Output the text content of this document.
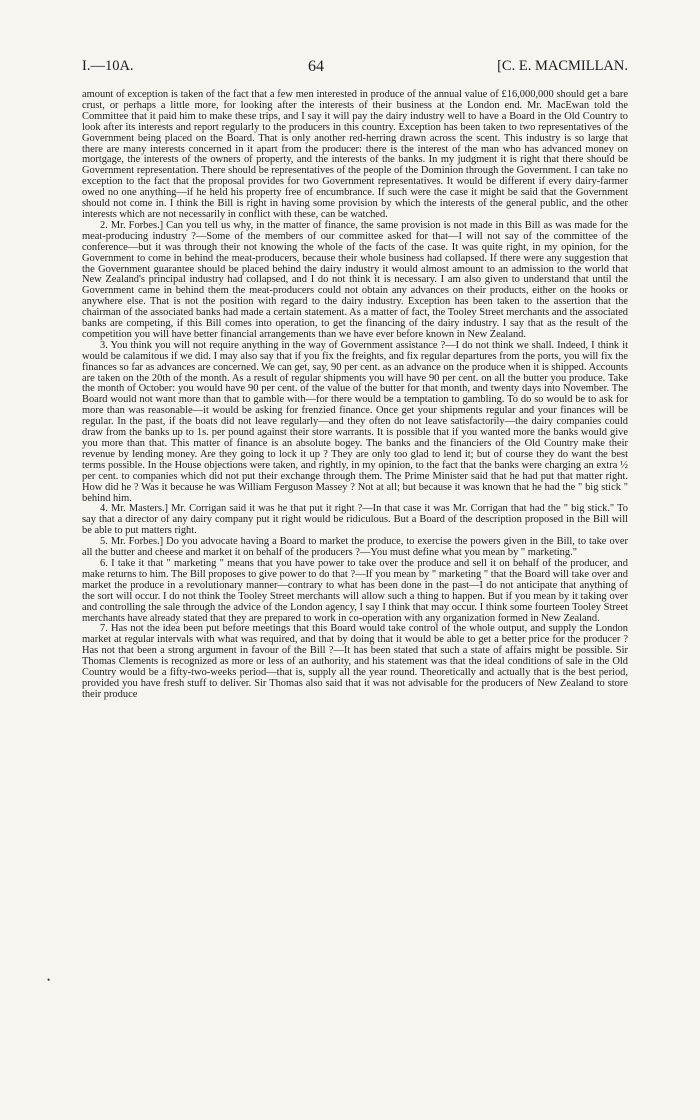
I.—10A.	64	[C. E. MACMILLAN.

amount of exception is taken of the fact that a few men interested in produce of the annual value of £16,000,000 should get a bare crust, or perhaps a little more, for looking after the interests of their business at the London end. Mr. MacEwan told the Committee that it paid him to make these trips, and I say it will pay the dairy industry well to have a Board in the Old Country to look after its interests and report regularly to the producers in this country. Exception has been taken to two representatives of the Government being placed on the Board. That is only another red-herring drawn across the scent. This industry is so large that there are many interests concerned in it apart from the producer: there is the interest of the man who has advanced money on mortgage, the interests of the owners of property, and the interests of the banks. In my judgment it is right that there should be Government representation. There should be representatives of the people of the Dominion through the Government. I can take no exception to the fact that the proposal provides for two Government representatives. It would be different if every dairy-farmer owed no one anything—if he held his property free of encumbrance. If such were the case it might be said that the Government should not come in. I think the Bill is right in having some provision by which the interests of the general public, and the other interests which are not necessarily in conflict with these, can be watched.

2. Mr. Forbes.] Can you tell us why, in the matter of finance, the same provision is not made in this Bill as was made for the meat-producing industry ?—Some of the members of our committee asked for that—I will not say of the committee of the conference—but it was through their not knowing the whole of the facts of the case. It was quite right, in my opinion, for the Government to come in behind the meat-producers, because their whole business had collapsed. If there were any suggestion that the Government guarantee should be placed behind the dairy industry it would almost amount to an admission to the world that New Zealand's principal industry had collapsed, and I do not think it is necessary. I am also given to understand that until the Government came in behind them the meat-producers could not obtain any advances on their products, either on the hooks or anywhere else. That is not the position with regard to the dairy industry. Exception has been taken to the assertion that the chairman of the associated banks had made a certain statement. As a matter of fact, the Tooley Street merchants and the associated banks are competing, if this Bill comes into operation, to get the financing of the dairy industry. I say that as the result of the competition you will have better financial arrangements than we have ever before known in New Zealand.

3. You think you will not require anything in the way of Government assistance ?—I do not think we shall. Indeed, I think it would be calamitous if we did. I may also say that if you fix the freights, and fix regular departures from the ports, you will fix the finances so far as advances are concerned. We can get, say, 90 per cent. as an advance on the produce when it is shipped. Accounts are taken on the 20th of the month. As a result of regular shipments you will have 90 per cent. on all the butter you produce. Take the month of October: you would have 90 per cent. of the value of the butter for that month, and twenty days into November. The Board would not want more than that to gamble with—for there would be a temptation to gambling. To do so would be to ask for more than was reasonable—it would be asking for frenzied finance. Once get your shipments regular and your finances will be regular. In the past, if the boats did not leave regularly—and they often do not leave satisfactorily—the dairy companies could draw from the banks up to 1s. per pound against their store warrants. It is possible that if you wanted more the banks would give you more than that. This matter of finance is an absolute bogey. The banks and the financiers of the Old Country make their revenue by lending money. Are they going to lock it up ? They are only too glad to lend it; but of course they do want the best terms possible. In the House objections were taken, and rightly, in my opinion, to the fact that the banks were charging an extra ½ per cent. to companies which did not put their exchange through them. The Prime Minister said that he had put that matter right. How did he ? Was it because he was William Ferguson Massey ? Not at all; but because it was known that he had the " big stick " behind him.

4. Mr. Masters.] Mr. Corrigan said it was he that put it right ?—In that case it was Mr. Corrigan that had the " big stick." To say that a director of any dairy company put it right would be ridiculous. But a Board of the description proposed in the Bill will be able to put matters right.

5. Mr. Forbes.] Do you advocate having a Board to market the produce, to exercise the powers given in the Bill, to take over all the butter and cheese and market it on behalf of the producers ?—You must define what you mean by " marketing."

6. I take it that " marketing " means that you have power to take over the produce and sell it on behalf of the producer, and make returns to him. The Bill proposes to give power to do that ?—If you mean by " marketing " that the Board will take over and market the produce in a revolutionary manner—contrary to what has been done in the past—I do not anticipate that anything of the sort will occur. I do not think the Tooley Street merchants will allow such a thing to happen. But if you mean by it taking over and controlling the sale through the advice of the London agency, I say I think that may occur. I think some fourteen Tooley Street merchants have already stated that they are prepared to work in co-operation with any organization formed in New Zealand.

7. Has not the idea been put before meetings that this Board would take control of the whole output, and supply the London market at regular intervals with what was required, and that by doing that it would be able to get a better price for the producer ? Has not that been a strong argument in favour of the Bill ?—It has been stated that such a state of affairs might be possible. Sir Thomas Clements is recognized as more or less of an authority, and his statement was that the ideal conditions of sale in the Old Country would be a fifty-two-weeks period—that is, supply all the year round. Theoretically and actually that is the best period, provided you have fresh stuff to deliver. Sir Thomas also said that it was not advisable for the producers of New Zealand to store their produce

•
